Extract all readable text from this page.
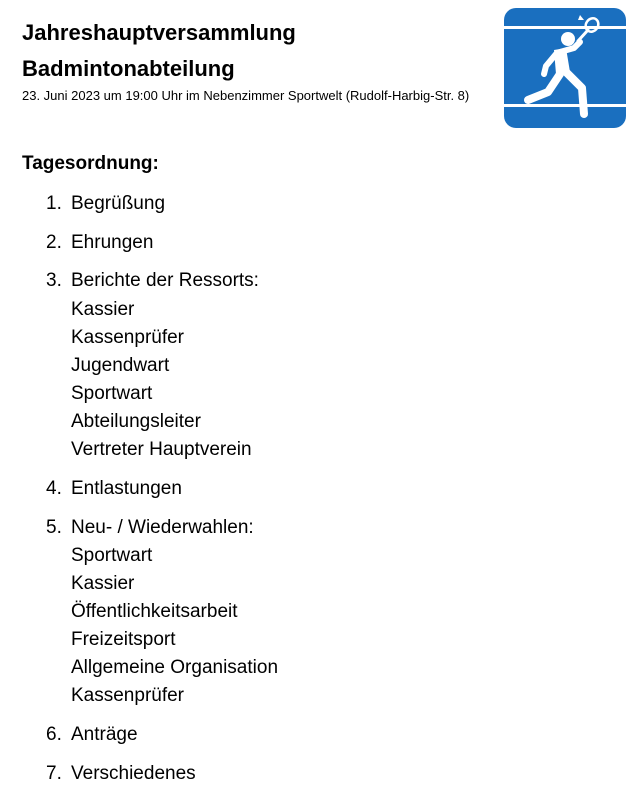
Jahreshauptversammlung
Badmintonabteilung
23. Juni 2023 um 19:00 Uhr im Nebenzimmer Sportwelt (Rudolf-Harbig-Str. 8)
Tagesordnung:
1. Begrüßung
2. Ehrungen
3. Berichte der Ressorts:
Kassier
Kassenprüfer
Jugendwart
Sportwart
Abteilungsleiter
Vertreter Hauptverein
4. Entlastungen
5. Neu- / Wiederwahlen:
Sportwart
Kassier
Öffentlichkeitsarbeit
Freizeitsport
Allgemeine Organisation
Kassenprüfer
6. Anträge
7. Verschiedenes
